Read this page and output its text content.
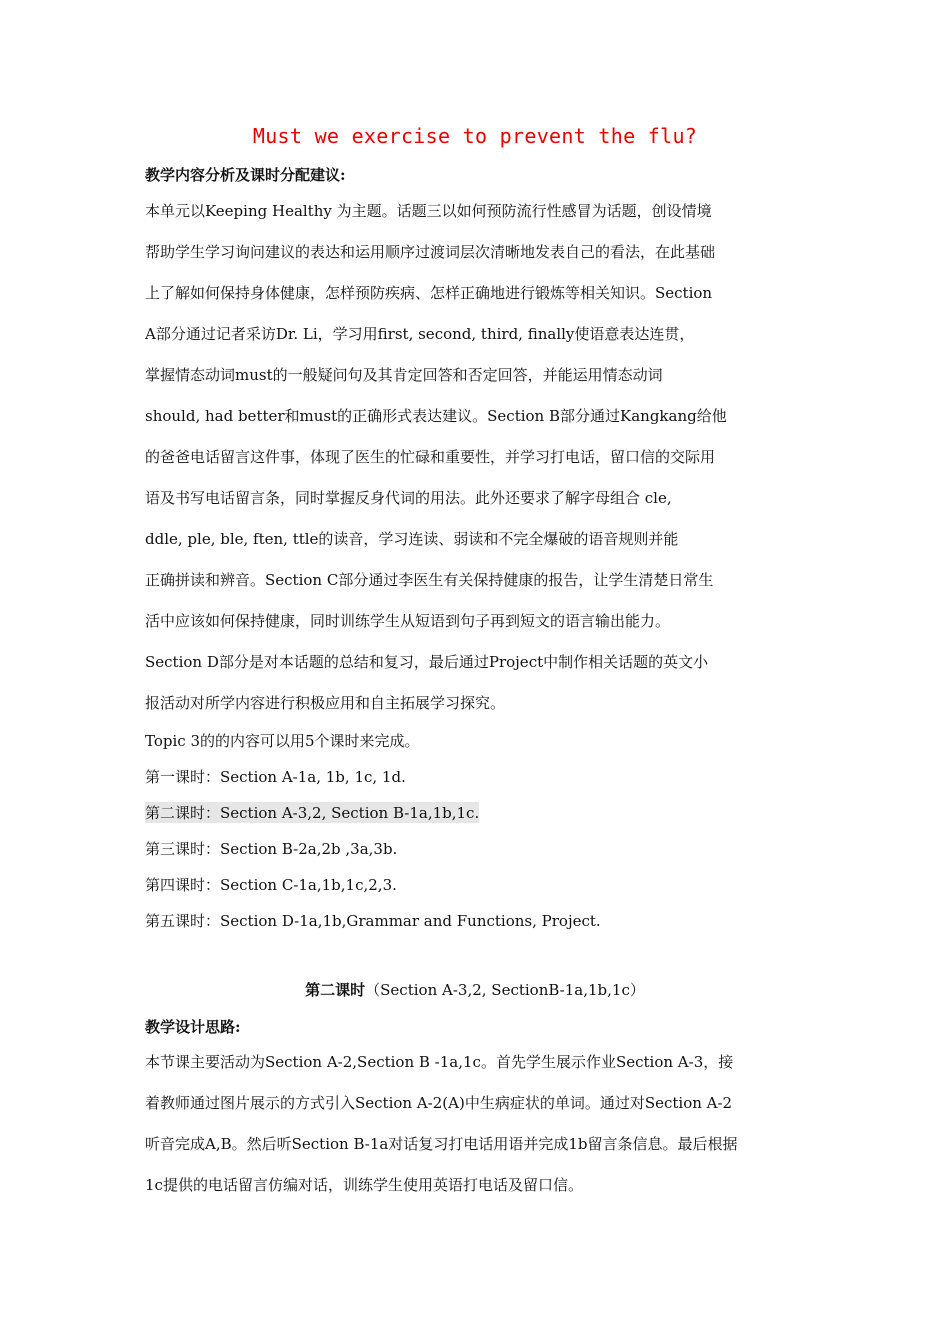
Must we exercise to prevent the flu?
教学内容分析及课时分配建议:
本单元以Keeping Healthy 为主题。话题三以如何预防流行性感冒为话题，创设情境
帮助学生学习询问建议的表达和运用顺序过渡词层次清晰地发表自己的看法，在此基础
上了解如何保持身体健康，怎样预防疾病、怎样正确地进行锻炼等相关知识。Section
A部分通过记者采访Dr. Li，学习用first, second, third, finally使语意表达连贯，
掌握情态动词must的一般疑问句及其肯定回答和否定回答，并能运用情态动词
should, had better和must的正确形式表达建议。Section B部分通过Kangkang给他
的爸爸电话留言这件事，体现了医生的忙碌和重要性，并学习打电话，留口信的交际用
语及书写电话留言条，同时掌握反身代词的用法。此外还要求了解字母组合 cle,
ddle, ple, ble, ften, ttle的读音，学习连读、弱读和不完全爆破的语音规则并能
正确拼读和辨音。Section C部分通过李医生有关保持健康的报告，让学生清楚日常生
活中应该如何保持健康，同时训练学生从短语到句子再到短文的语言输出能力。
Section D部分是对本话题的总结和复习，最后通过Project中制作相关话题的英文小
报活动对所学内容进行积极应用和自主拓展学习探究。
Topic 3的的内容可以用5个课时来完成。
第一课时：Section A-1a, 1b, 1c, 1d.
第二课时：Section A-3,2, Section B-1a,1b,1c.
第三课时：Section B-2a,2b ,3a,3b.
第四课时：Section C-1a,1b,1c,2,3.
第五课时：Section D-1a,1b,Grammar and Functions, Project.
第二课时（Section A-3,2, SectionB-1a,1b,1c）
教学设计思路:
本节课主要活动为Section A-2,Section B -1a,1c。首先学生展示作业Section A-3，接
着教师通过图片展示的方式引入Section A-2(A)中生病症状的单词。通过对Section A-2
听音完成A,B。然后听Section B-1a对话复习打电话用语并完成1b留言条信息。最后根据
1c提供的电话留言仿编对话，训练学生使用英语打电话及留口信。
